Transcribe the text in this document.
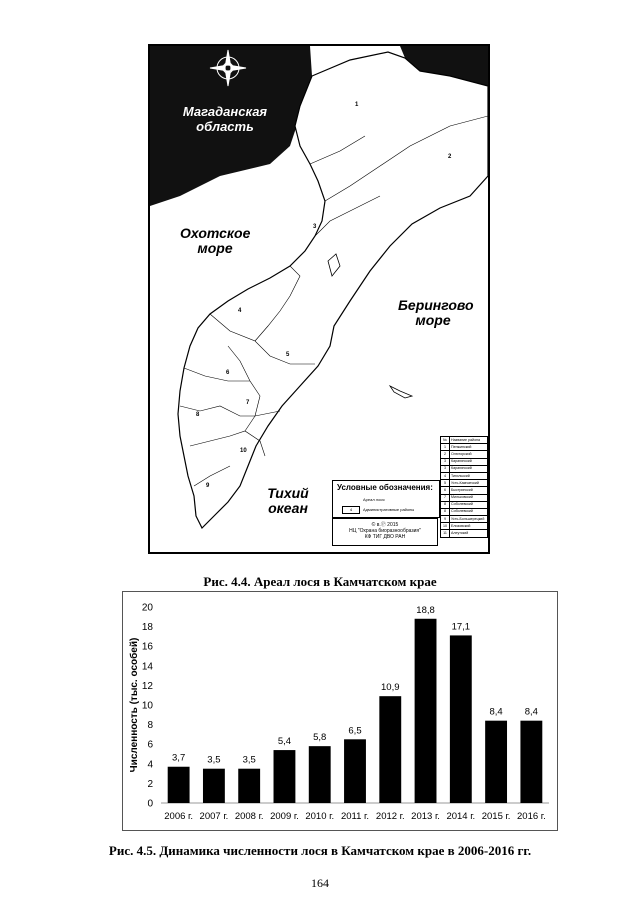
Магаданская область
Охотское море
Берингово море
Тихий океан
1
2
3
4
5
6
7
8
9
10
Условные обозначения:
Ареал лося
4	Административные районы
© в.Ⓟ 2015
НЦ "Охрана биоразнообразия"
КФ ТИГ ДВО РАН
№	Название района
1	Пенжинский
2	Олюторский
3	Карагинский
3	Карагинский
4	Тигильский
5	Усть-Камчатский
6	Быстринский
7	Мильковский
8	Соболевский
8	Соболевский
9	Усть-Большерецкий
10	Елизовский
11	Алеутский
Рис. 4.4. Ареал лося в Камчатском крае
0
2
4
6
8
10
12
14
16
18
20
Численность (тыс. особей)	3,7
2006 г.
3,5
2007 г.
3,5
2008 г.
5,4
2009 г.
5,8
2010 г.
6,5
2011 г.
10,9
2012 г.
18,8
2013 г.
17,1
2014 г.
8,4
2015 г.
8,4
2016 г.
Рис. 4.5. Динамика численности лося в Камчатском крае в 2006-2016 гг.
164
